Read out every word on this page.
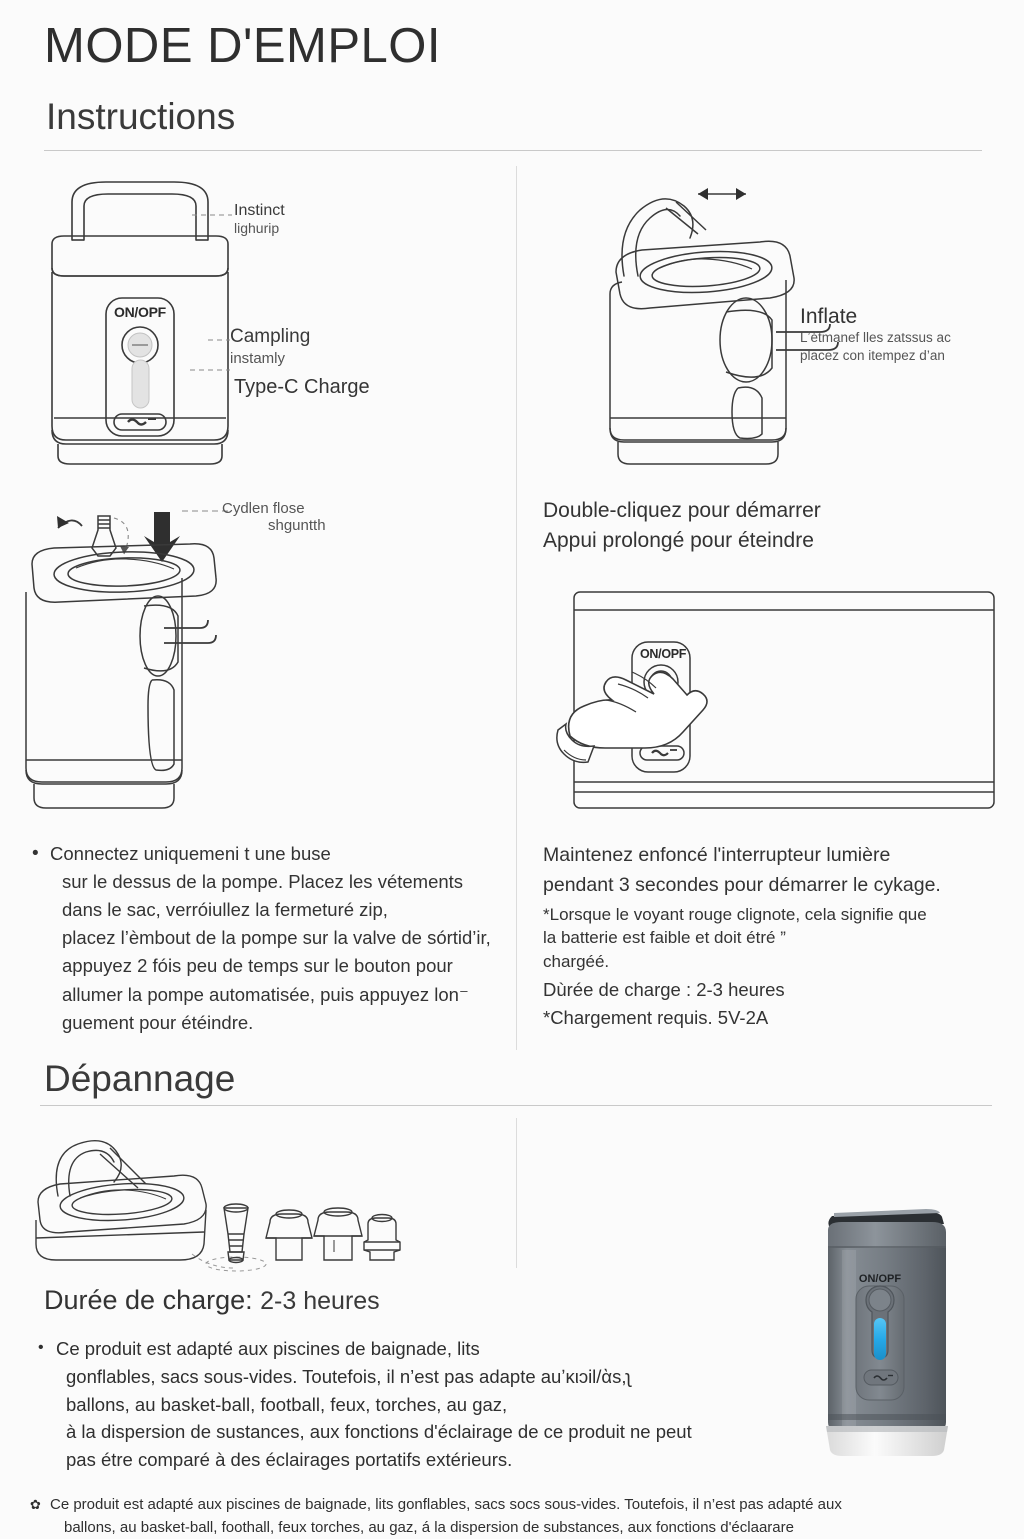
MODE D'EMPLOI
Instructions
ON/OPF
Instinct
lighurip
Campling
instamly
Type-C Charge
Inflate
Lʼétmanef lles zatssus ac
placez con itempez d’an
Cydlen flose
shguntth
Double-cliquez pour démarrer
Appui prolongé pour éteindre
ON/OPF
• Connectez uniquemeni t une buse
sur le dessus de la pompe. Placez les vétements
dans le sac, verróiullez la fermeturé zip,
placez l’èmbout de la pompe sur la valve de sórtid’ir,
appuyez 2 fóis peu de temps sur le bouton pour
allumer la pompe automatisée, puis appuyez lon⁻
guement pour étéindre.
Maintenez enfoncé l'interrupteur lumière
pendant 3 secondes pour démarrer le cykage.
*Lorsque le voyant rouge clignote, cela signifie que
la batterie est faible et doit étré ”
chargéé.
Dùrée de charge : 2-3 heures
*Chargement requis. 5V-2A
Dépannage
Durée de charge: 2-3 heures
• Ce produit est adapté aux piscines de baignade, lits
gonflables, sacs sous-vides. Toutefois, il n’est pas adapte auʼκιɔil/ὰs,ʅ
ballons, au basket-ball, football, feux, torches, au gaz,
à la dispersion de sustances, aux fonctions d'éclairage de ce produit ne peut
pas étre comparé à des éclairages portatifs extérieurs.
✿ Ce produit est adapté aux piscines de baignade, lits gonflables, sacs socs sous-vides. Toutefois, il n’est pas adapté aux
ballons, au basket-ball, foothall, feux torches, au gaz, á la dispersion de substances, aux fonctions d'éclaarare
ON/OPF
